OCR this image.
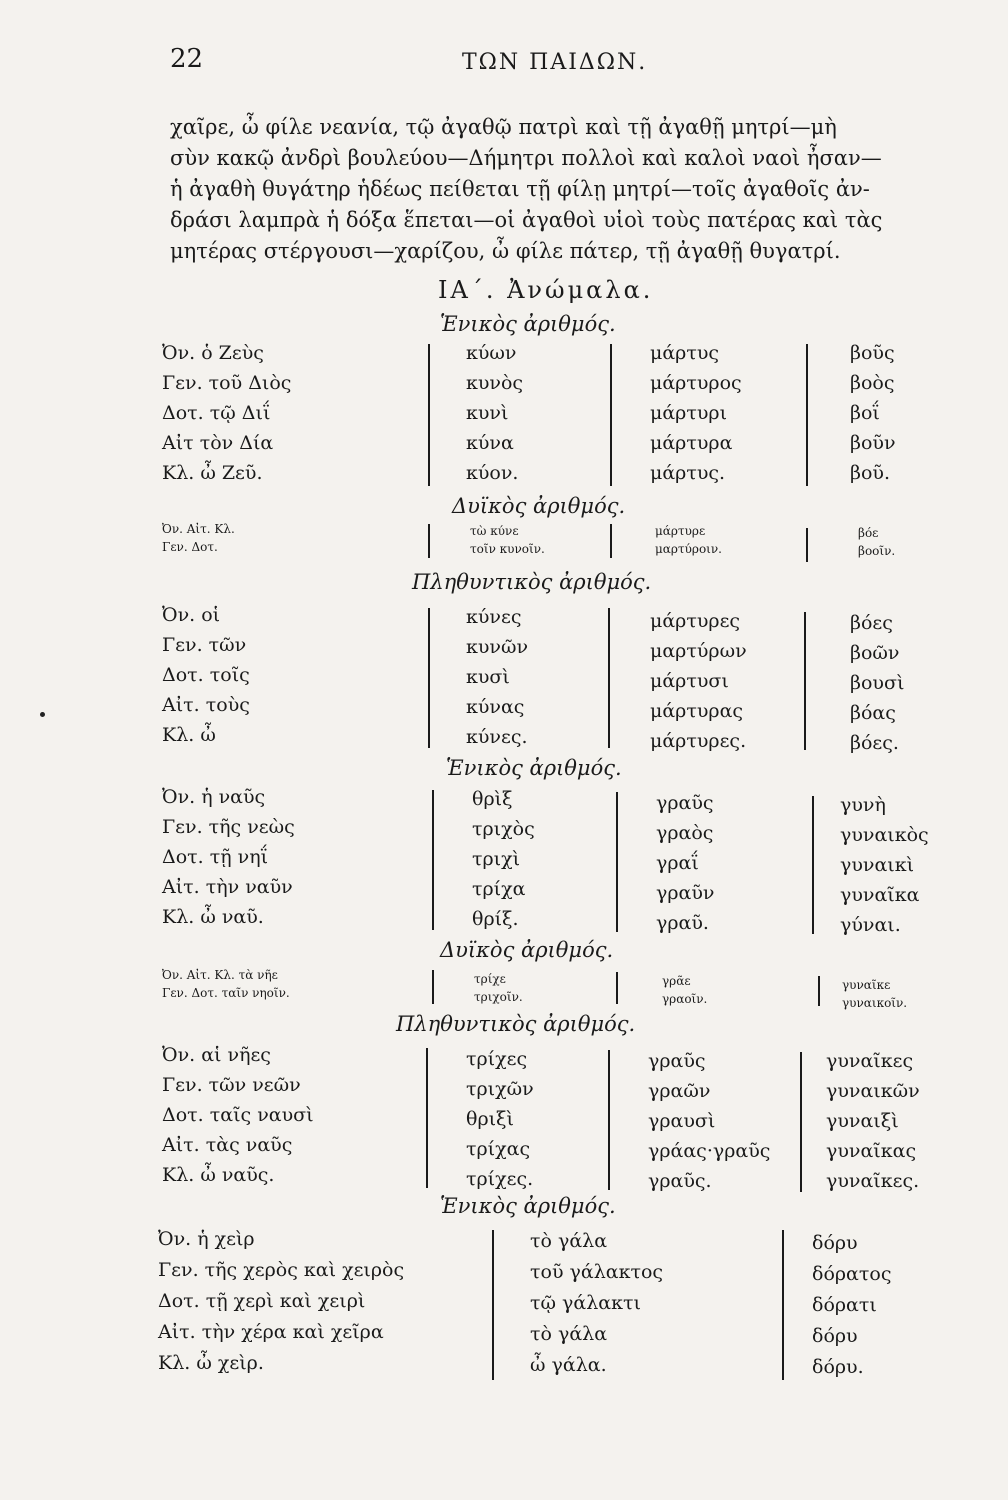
22	ΤΩΝ ΠΑΙΔΩΝ.
χαῖρε, ὦ φίλε νεανία, τῷ ἀγαθῷ πατρὶ καὶ τῇ ἀγαθῇ μητρί—μὴ
σὺν κακῷ ἀνδρὶ βουλεύου—Δήμητρι πολλοὶ καὶ καλοὶ ναοὶ ἦσαν—
ἡ ἀγαθὴ θυγάτηρ ἡδέως πείθεται τῇ φίλῃ μητρί—τοῖς ἀγαθοῖς ἀν-
δράσι λαμπρὰ ἡ δόξα ἕπεται—οἱ ἀγαθοὶ υἱοὶ τοὺς πατέρας καὶ τὰς
μητέρας στέργουσι—χαρίζου, ὦ φίλε πάτερ, τῇ ἀγαθῇ θυγατρί.
ΙΑ΄. Ἀνώμαλα.
Ἑνικὸς ἀριθμός.
Ὀν. ὁ Ζεὺς
Γεν. τοῦ Διὸς
Δοτ. τῷ Διΐ
Αἰτ τὸν Δία
Κλ. ὦ Ζεῦ.
κύων
κυνὸς
κυνὶ
κύνα
κύον.
μάρτυς
μάρτυρος
μάρτυρι
μάρτυρα
μάρτυς.
βοῦς
βοὸς
βοΐ
βοῦν
βοῦ.
Δυϊκὸς ἀριθμός.
Ὀν. Αἰτ. Κλ.
Γεν. Δοτ.
τὼ κύνε
τοῖν κυνοῖν.
μάρτυρε
μαρτύροιν.
βόε
βοοῖν.
Πληθυντικὸς ἀριθμός.
Ὀν. οἱ
Γεν. τῶν
Δοτ. τοῖς
Αἰτ. τοὺς
Κλ. ὦ
κύνες
κυνῶν
κυσὶ
κύνας
κύνες.
μάρτυρες
μαρτύρων
μάρτυσι
μάρτυρας
μάρτυρες.
βόες
βοῶν
βουσὶ
βόας
βόες.
Ἑνικὸς ἀριθμός.
Ὀν. ἡ ναῦς
Γεν. τῆς νεὼς
Δοτ. τῇ νηΐ
Αἰτ. τὴν ναῦν
Κλ. ὦ ναῦ.
θρὶξ
τριχὸς
τριχὶ
τρίχα
θρίξ.
γραῦς
γραὸς
γραΐ
γραῦν
γραῦ.
γυνὴ
γυναικὸς
γυναικὶ
γυναῖκα
γύναι.
Δυϊκὸς ἀριθμός.
Ὀν. Αἰτ. Κλ. τὰ νῆε
Γεν. Δοτ. ταῖν νηοῖν.
τρίχε
τριχοῖν.
γρᾶε
γραοῖν.
γυναῖκε
γυναικοῖν.
Πληθυντικὸς ἀριθμός.
Ὀν. αἱ νῆες
Γεν. τῶν νεῶν
Δοτ. ταῖς ναυσὶ
Αἰτ. τὰς ναῦς
Κλ. ὦ ναῦς.
τρίχες
τριχῶν
θριξὶ
τρίχας
τρίχες.
γραῦς
γραῶν
γραυσὶ
γράας·γραῦς
γραῦς.
γυναῖκες
γυναικῶν
γυναιξὶ
γυναῖκας
γυναῖκες.
Ἑνικὸς ἀριθμός.
Ὀν. ἡ χεὶρ
Γεν. τῆς χερὸς καὶ χειρὸς
Δοτ. τῇ χερὶ καὶ χειρὶ
Αἰτ. τὴν χέρα καὶ χεῖρα
Κλ. ὦ χεὶρ.
τὸ γάλα
τοῦ γάλακτος
τῷ γάλακτι
τὸ γάλα
ὦ γάλα.
δόρυ
δόρατος
δόρατι
δόρυ
δόρυ.
